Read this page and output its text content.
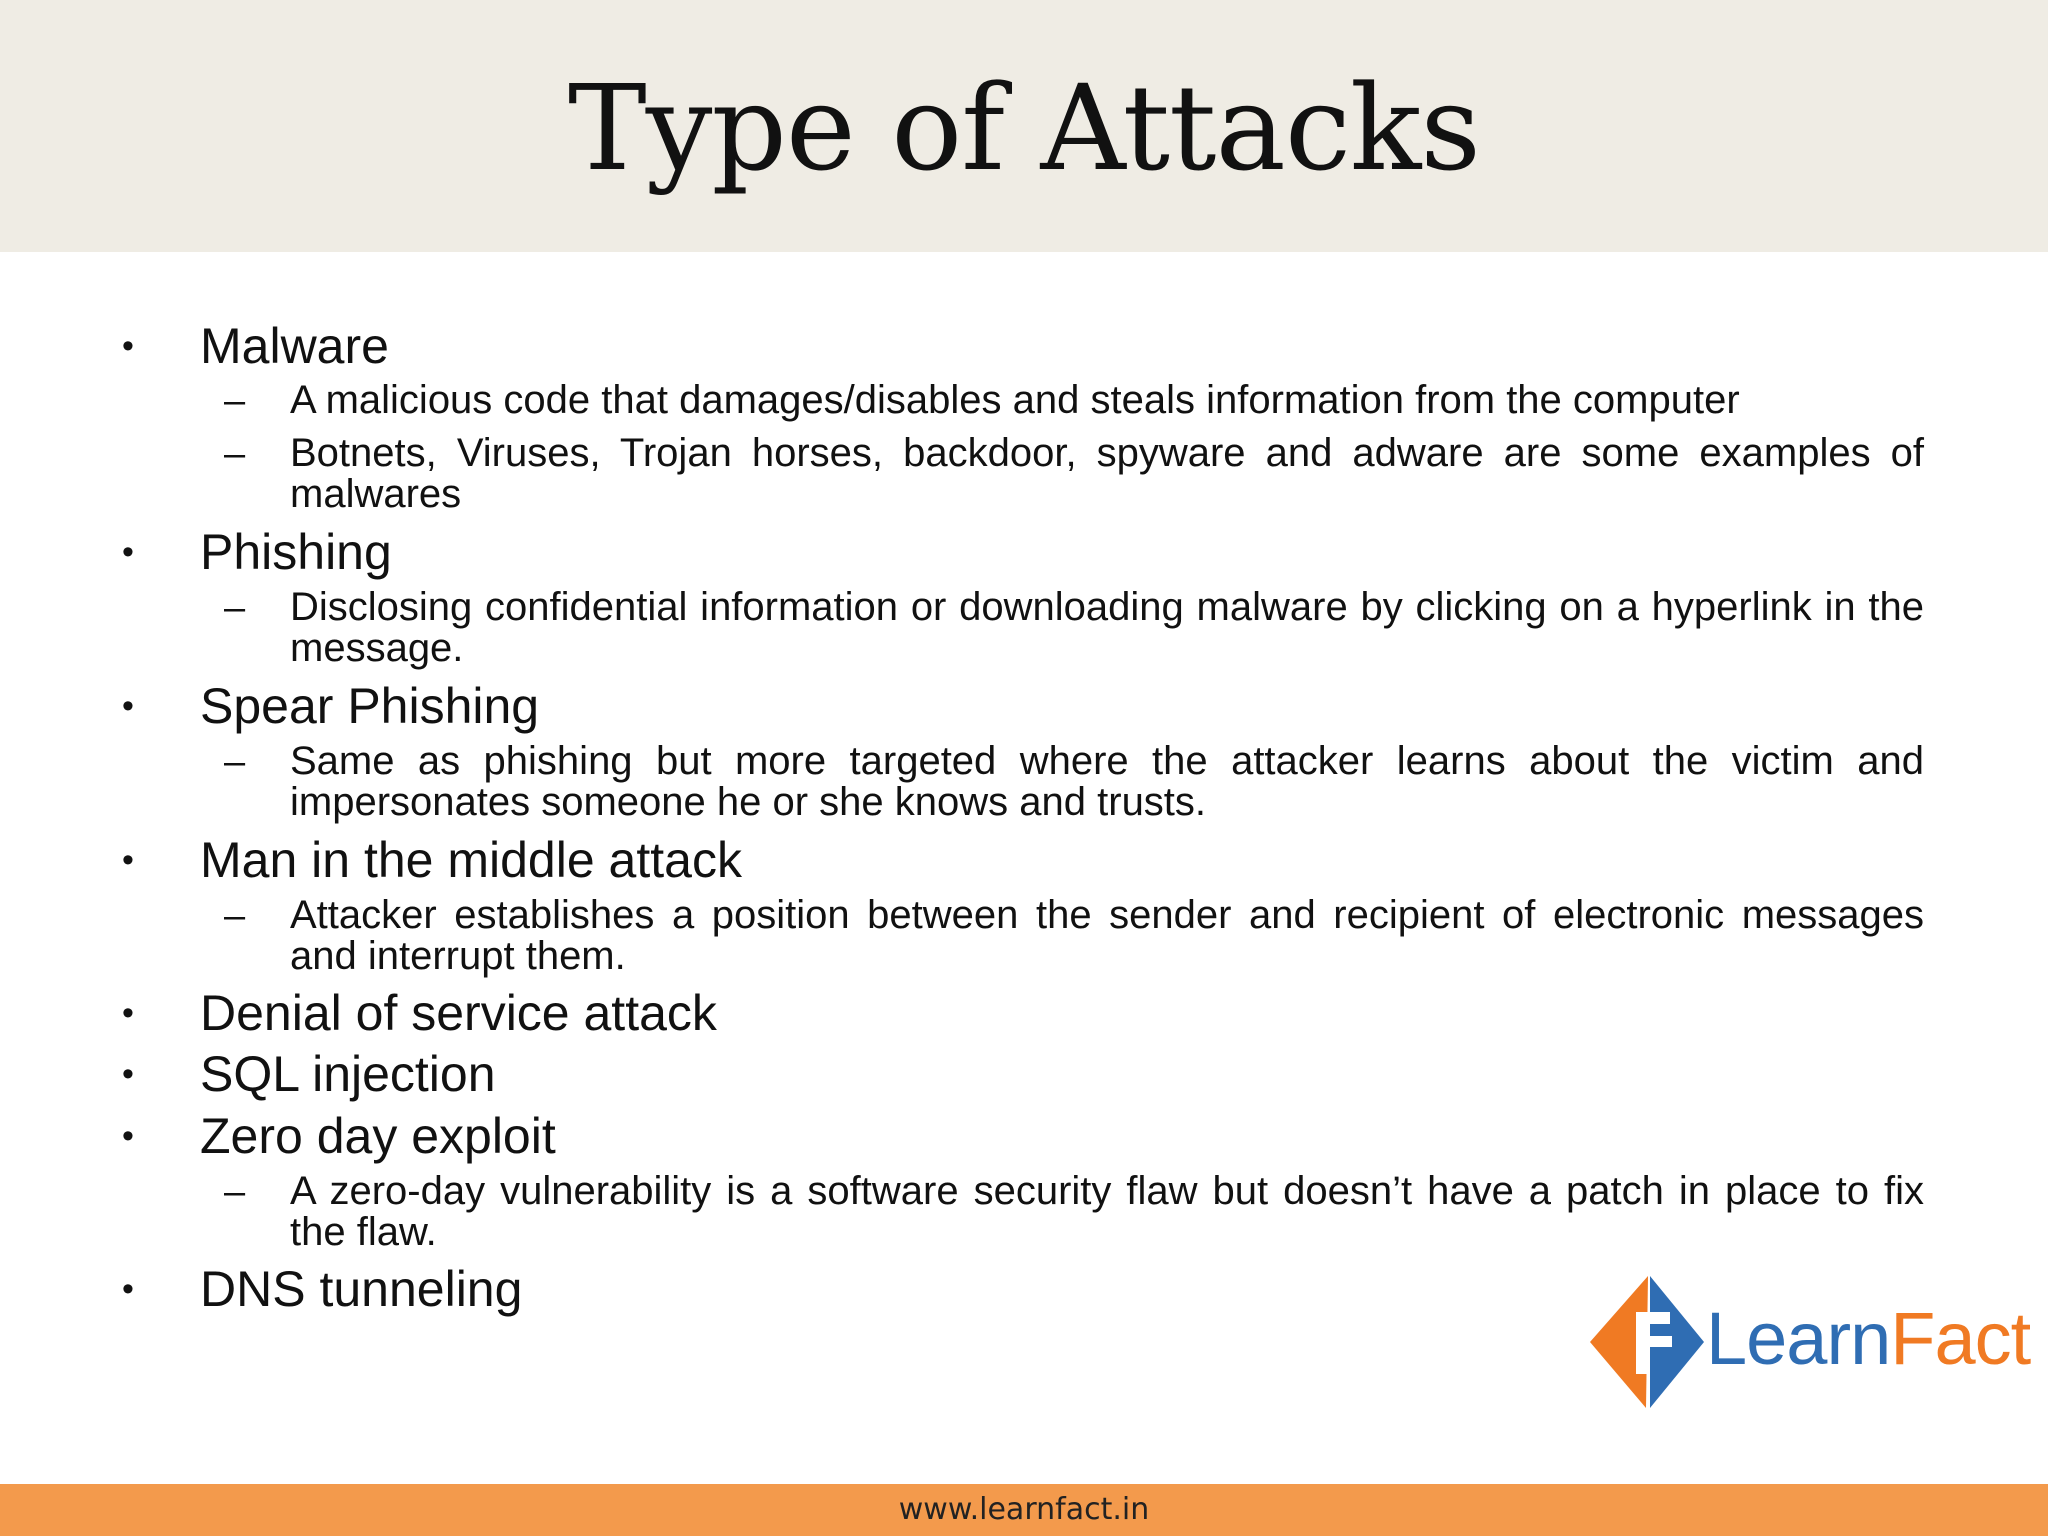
Type of Attacks
•	Malware
–	A malicious code that damages/disables and steals information from the computer
–	Botnets, Viruses, Trojan horses, backdoor, spyware and adware are some examples of malwares
•	Phishing
–	Disclosing confidential information or downloading malware by clicking on a hyperlink in the message.
•	Spear Phishing
–	Same as phishing but more targeted where the attacker learns about the victim and impersonates someone he or she knows and trusts.
•	Man in the middle attack
–	Attacker establishes a position between the sender and recipient of electronic messages and interrupt them.
•	Denial of service attack
•	SQL injection
•	Zero day exploit
–	A zero-day vulnerability is a software security flaw but doesn’t have a patch in place to fix the flaw.
•	DNS tunneling
LearnFact
www.learnfact.in
